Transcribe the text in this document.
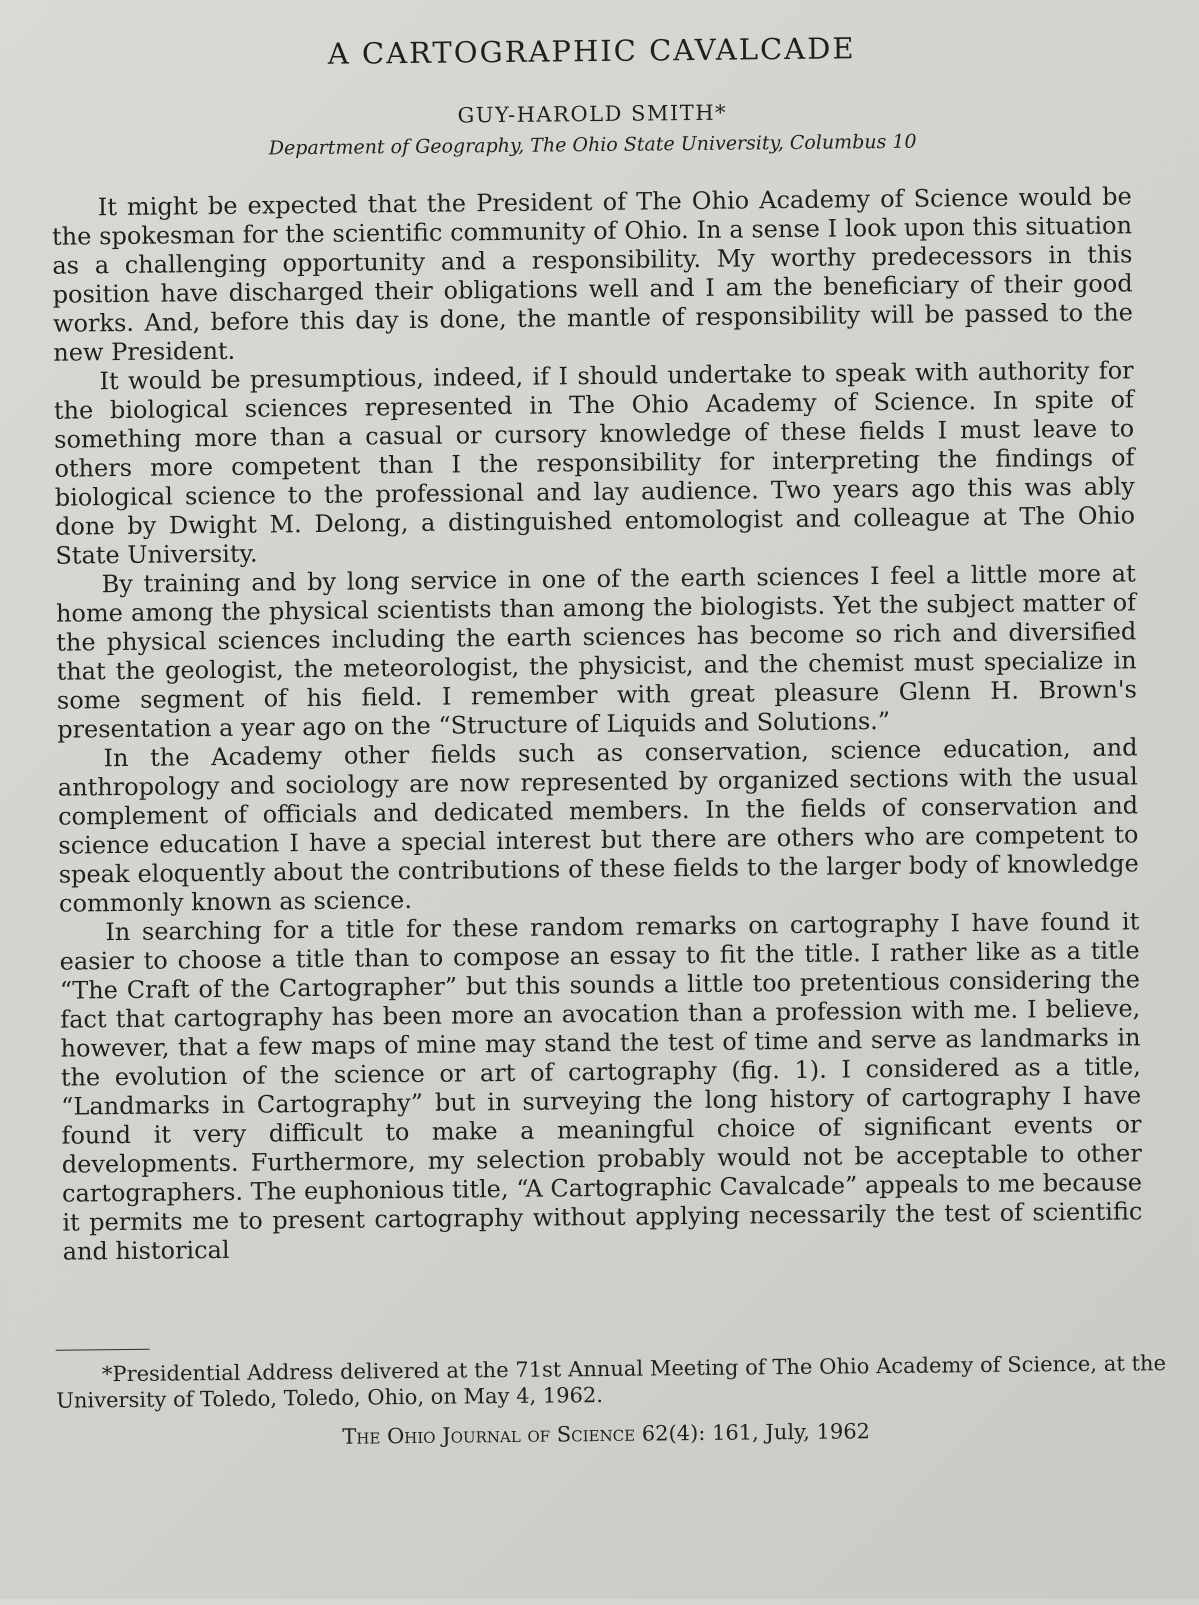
A CARTOGRAPHIC CAVALCADE

GUY-HAROLD SMITH*

Department of Geography, The Ohio State University, Columbus 10

It might be expected that the President of The Ohio Academy of Science would be the spokesman for the scientific community of Ohio. In a sense I look upon this situation as a challenging opportunity and a responsibility. My worthy predecessors in this position have discharged their obligations well and I am the beneficiary of their good works. And, before this day is done, the mantle of responsibility will be passed to the new President.

It would be presumptious, indeed, if I should undertake to speak with authority for the biological sciences represented in The Ohio Academy of Science. In spite of something more than a casual or cursory knowledge of these fields I must leave to others more competent than I the responsibility for interpreting the findings of biological science to the professional and lay audience. Two years ago this was ably done by Dwight M. Delong, a distinguished entomologist and colleague at The Ohio State University.

By training and by long service in one of the earth sciences I feel a little more at home among the physical scientists than among the biologists. Yet the subject matter of the physical sciences including the earth sciences has become so rich and diversified that the geologist, the meteorologist, the physicist, and the chemist must specialize in some segment of his field. I remember with great pleasure Glenn H. Brown's presentation a year ago on the “Structure of Liquids and Solutions.”

In the Academy other fields such as conservation, science education, and anthropology and sociology are now represented by organized sections with the usual complement of officials and dedicated members. In the fields of conservation and science education I have a special interest but there are others who are competent to speak eloquently about the contributions of these fields to the larger body of knowledge commonly known as science.

In searching for a title for these random remarks on cartography I have found it easier to choose a title than to compose an essay to fit the title. I rather like as a title “The Craft of the Cartographer” but this sounds a little too pretentious considering the fact that cartography has been more an avocation than a profession with me. I believe, however, that a few maps of mine may stand the test of time and serve as landmarks in the evolution of the science or art of cartography (fig. 1). I considered as a title, “Landmarks in Cartography” but in surveying the long history of cartography I have found it very difficult to make a meaningful choice of significant events or developments. Furthermore, my selection probably would not be acceptable to other cartographers. The euphonious title, “A Cartographic Cavalcade” appeals to me because it permits me to present cartography without applying necessarily the test of scientific and historical

*Presidential Address delivered at the 71st Annual Meeting of The Ohio Academy of Science, at the University of Toledo, Toledo, Ohio, on May 4, 1962.

The Ohio Journal of Science 62(4): 161, July, 1962
